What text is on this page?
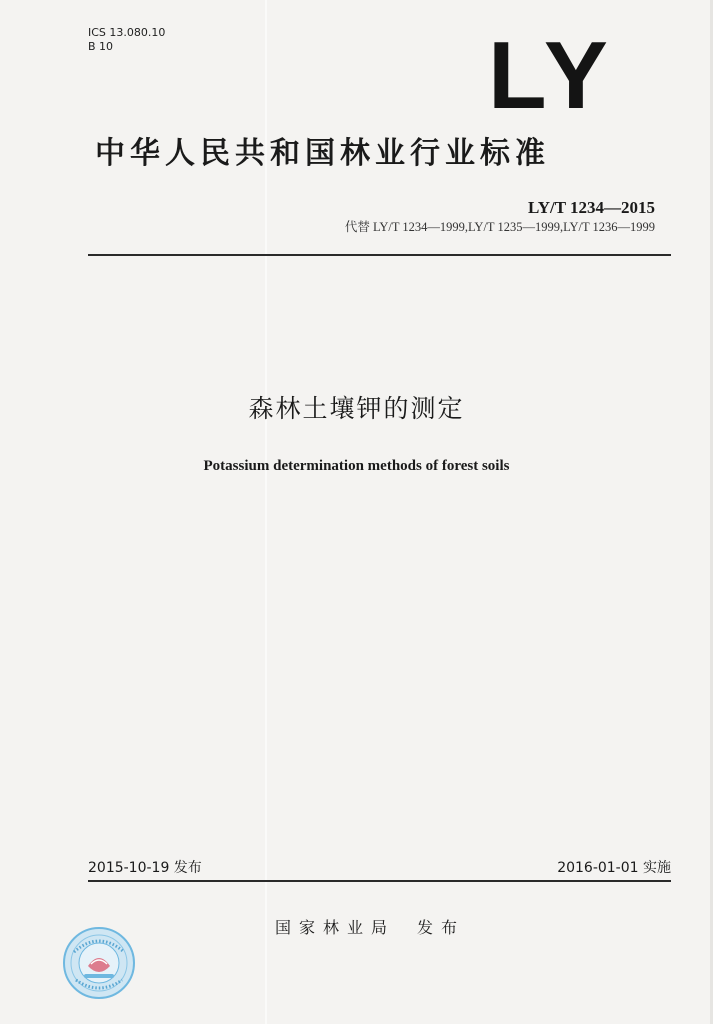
ICS 13.080.10
B 10	LY
中华人民共和国林业行业标准
LY/T 1234—2015
代替 LY/T 1234—1999,LY/T 1235—1999,LY/T 1236—1999
森林土壤钾的测定
Potassium determination methods of forest soils
2015-10-19 发布	2016-01-01 实施
国家林业局 发布
